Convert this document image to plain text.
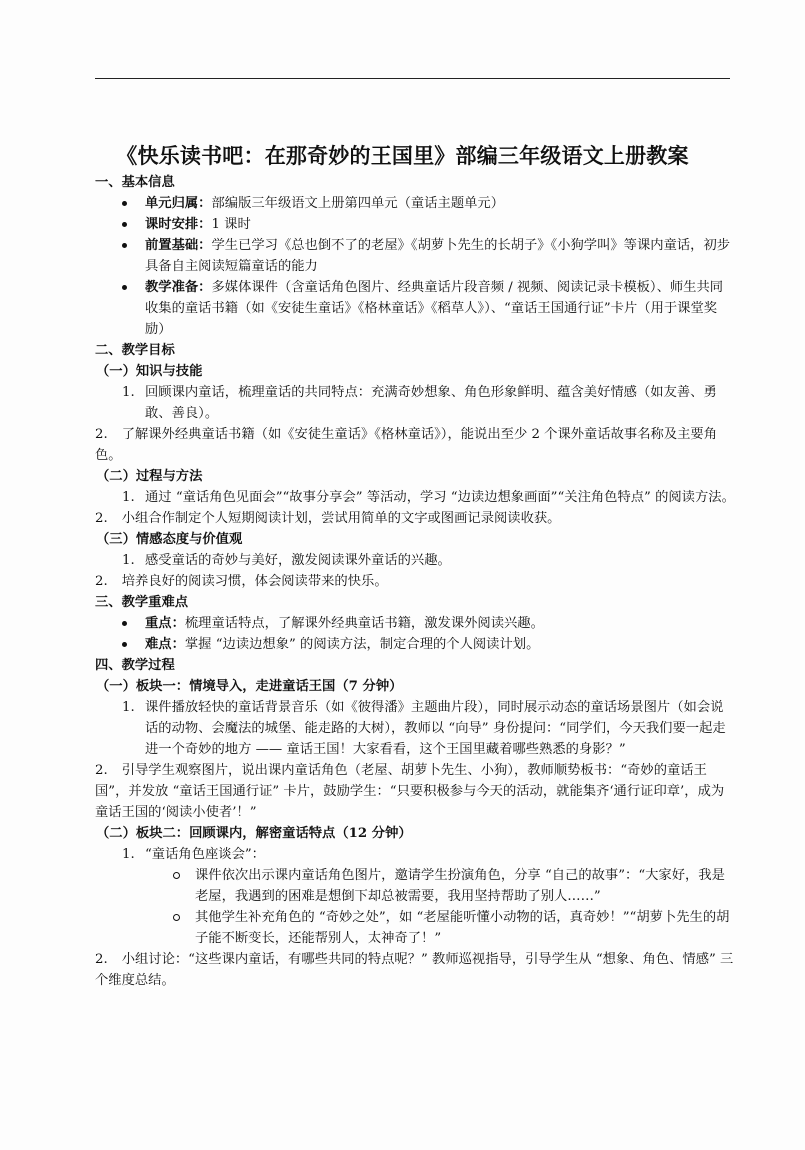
《快乐读书吧：在那奇妙的王国里》部编三年级语文上册教案

一、基本信息

单元归属：部编版三年级语文上册第四单元（童话主题单元）
课时安排：1 课时
前置基础：学生已学习《总也倒不了的老屋》《胡萝卜先生的长胡子》《小狗学叫》等课内童话，初步具备自主阅读短篇童话的能力
教学准备：多媒体课件（含童话角色图片、经典童话片段音频 / 视频、阅读记录卡模板）、师生共同收集的童话书籍（如《安徒生童话》《格林童话》《稻草人》）、“童话王国通行证”卡片（用于课堂奖励）

二、教学目标

（一）知识与技能

1. 回顾课内童话，梳理童话的共同特点：充满奇妙想象、角色形象鲜明、蕴含美好情感（如友善、勇敢、善良）。

2. 了解课外经典童话书籍（如《安徒生童话》《格林童话》），能说出至少 2 个课外童话故事名称及主要角色。

（二）过程与方法

1. 通过 “童话角色见面会”“故事分享会” 等活动，学习 “边读边想象画面”“关注角色特点” 的阅读方法。

2. 小组合作制定个人短期阅读计划，尝试用简单的文字或图画记录阅读收获。

（三）情感态度与价值观

1. 感受童话的奇妙与美好，激发阅读课外童话的兴趣。

2. 培养良好的阅读习惯，体会阅读带来的快乐。

三、教学重难点

重点：梳理童话特点，了解课外经典童话书籍，激发课外阅读兴趣。
难点：掌握 “边读边想象” 的阅读方法，制定合理的个人阅读计划。

四、教学过程

（一）板块一：情境导入，走进童话王国（7 分钟）

1. 课件播放轻快的童话背景音乐（如《彼得潘》主题曲片段），同时展示动态的童话场景图片（如会说话的动物、会魔法的城堡、能走路的大树），教师以 “向导” 身份提问：“同学们，今天我们要一起走进一个奇妙的地方 —— 童话王国！大家看看，这个王国里藏着哪些熟悉的身影？”

2. 引导学生观察图片，说出课内童话角色（老屋、胡萝卜先生、小狗），教师顺势板书：“奇妙的童话王国”，并发放 “童话王国通行证” 卡片，鼓励学生：“只要积极参与今天的活动，就能集齐‘通行证印章’，成为童话王国的‘阅读小使者’！”

（二）板块二：回顾课内，解密童话特点（12 分钟）

1. “童话角色座谈会”：

课件依次出示课内童话角色图片，邀请学生扮演角色，分享 “自己的故事”：“大家好，我是老屋，我遇到的困难是想倒下却总被需要，我用坚持帮助了别人……”
其他学生补充角色的 “奇妙之处”，如 “老屋能听懂小动物的话，真奇妙！”“胡萝卜先生的胡子能不断变长，还能帮别人，太神奇了！”

2. 小组讨论：“这些课内童话，有哪些共同的特点呢？” 教师巡视指导，引导学生从 “想象、角色、情感” 三个维度总结。
